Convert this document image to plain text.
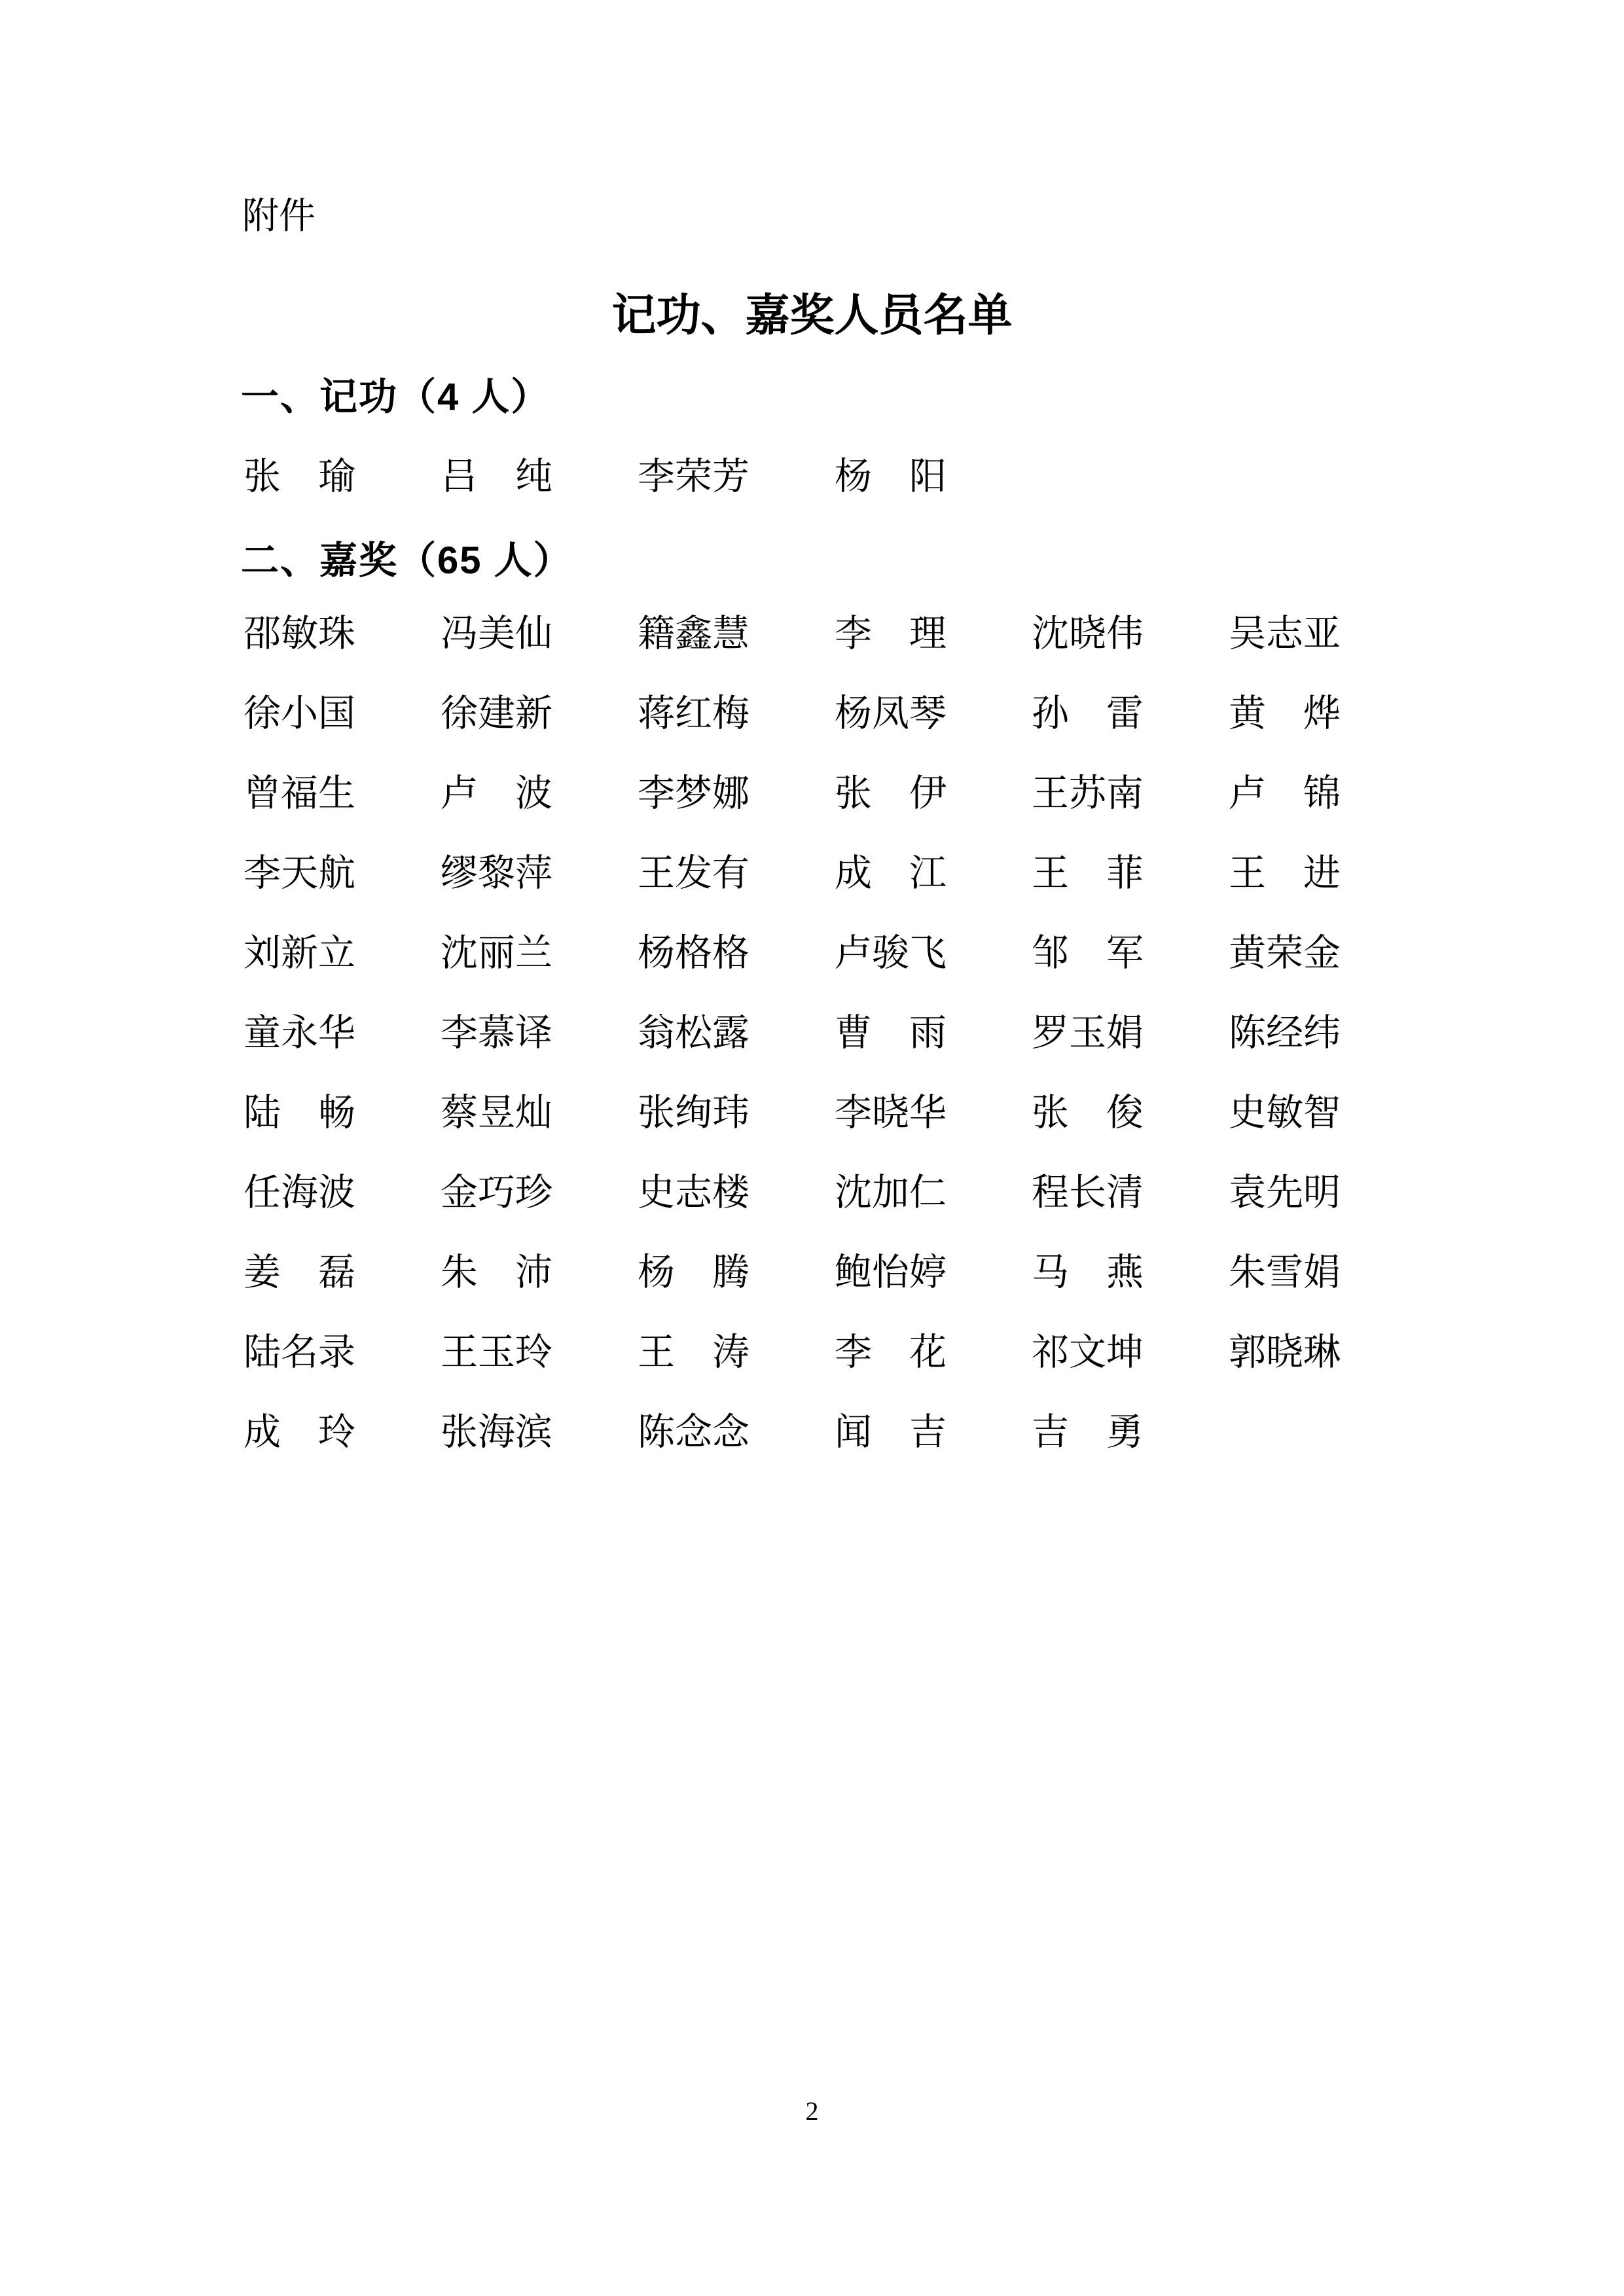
附件
记功、嘉奖人员名单
一、记功（4 人）
张　瑜	吕　纯	李荣芳	杨　阳
二、嘉奖（65 人）
邵敏珠	冯美仙	籍鑫慧	李　理	沈晓伟	吴志亚
徐小国	徐建新	蒋红梅	杨凤琴	孙　雷	黄　烨
曾福生	卢　波	李梦娜	张　伊	王苏南	卢　锦
李天航	缪黎萍	王发有	成　江	王　菲	王　进
刘新立	沈丽兰	杨格格	卢骏飞	邹　军	黄荣金
童永华	李慕译	翁松露	曹　雨	罗玉娟	陈经纬
陆　畅	蔡昱灿	张绚玮	李晓华	张　俊	史敏智
任海波	金巧珍	史志楼	沈加仁	程长清	袁先明
姜　磊	朱　沛	杨　腾	鲍怡婷	马　燕	朱雪娟
陆名录	王玉玲	王　涛	李　花	祁文坤	郭晓琳
成　玲	张海滨	陈念念	闻　吉	吉　勇
2
